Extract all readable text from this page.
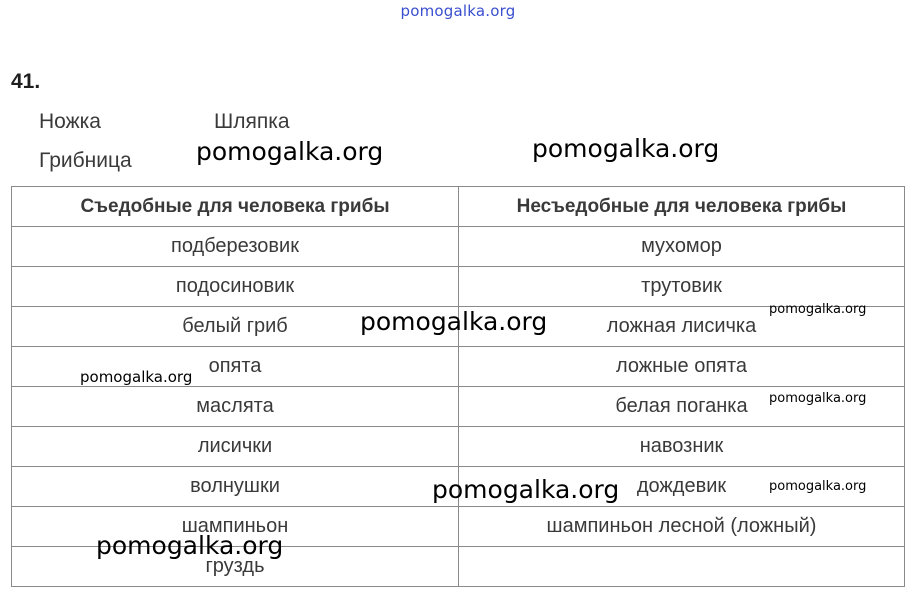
pomogalka.org
41.
Ножка	Шляпка
Грибница
Съедобные для человека грибы	Несъедобные для человека грибы
подберезовик	мухомор
подосиновик	трутовик
белый гриб	ложная лисичка
опята	ложные опята
маслята	белая поганка
лисички	навозник
волнушки	дождевик
шампиньон	шампиньон лесной (ложный)
груздь	
pomogalka.org	pomogalka.org
pomogalka.org	pomogalka.org
pomogalka.org
pomogalka.org
pomogalka.org	pomogalka.org
pomogalka.org
